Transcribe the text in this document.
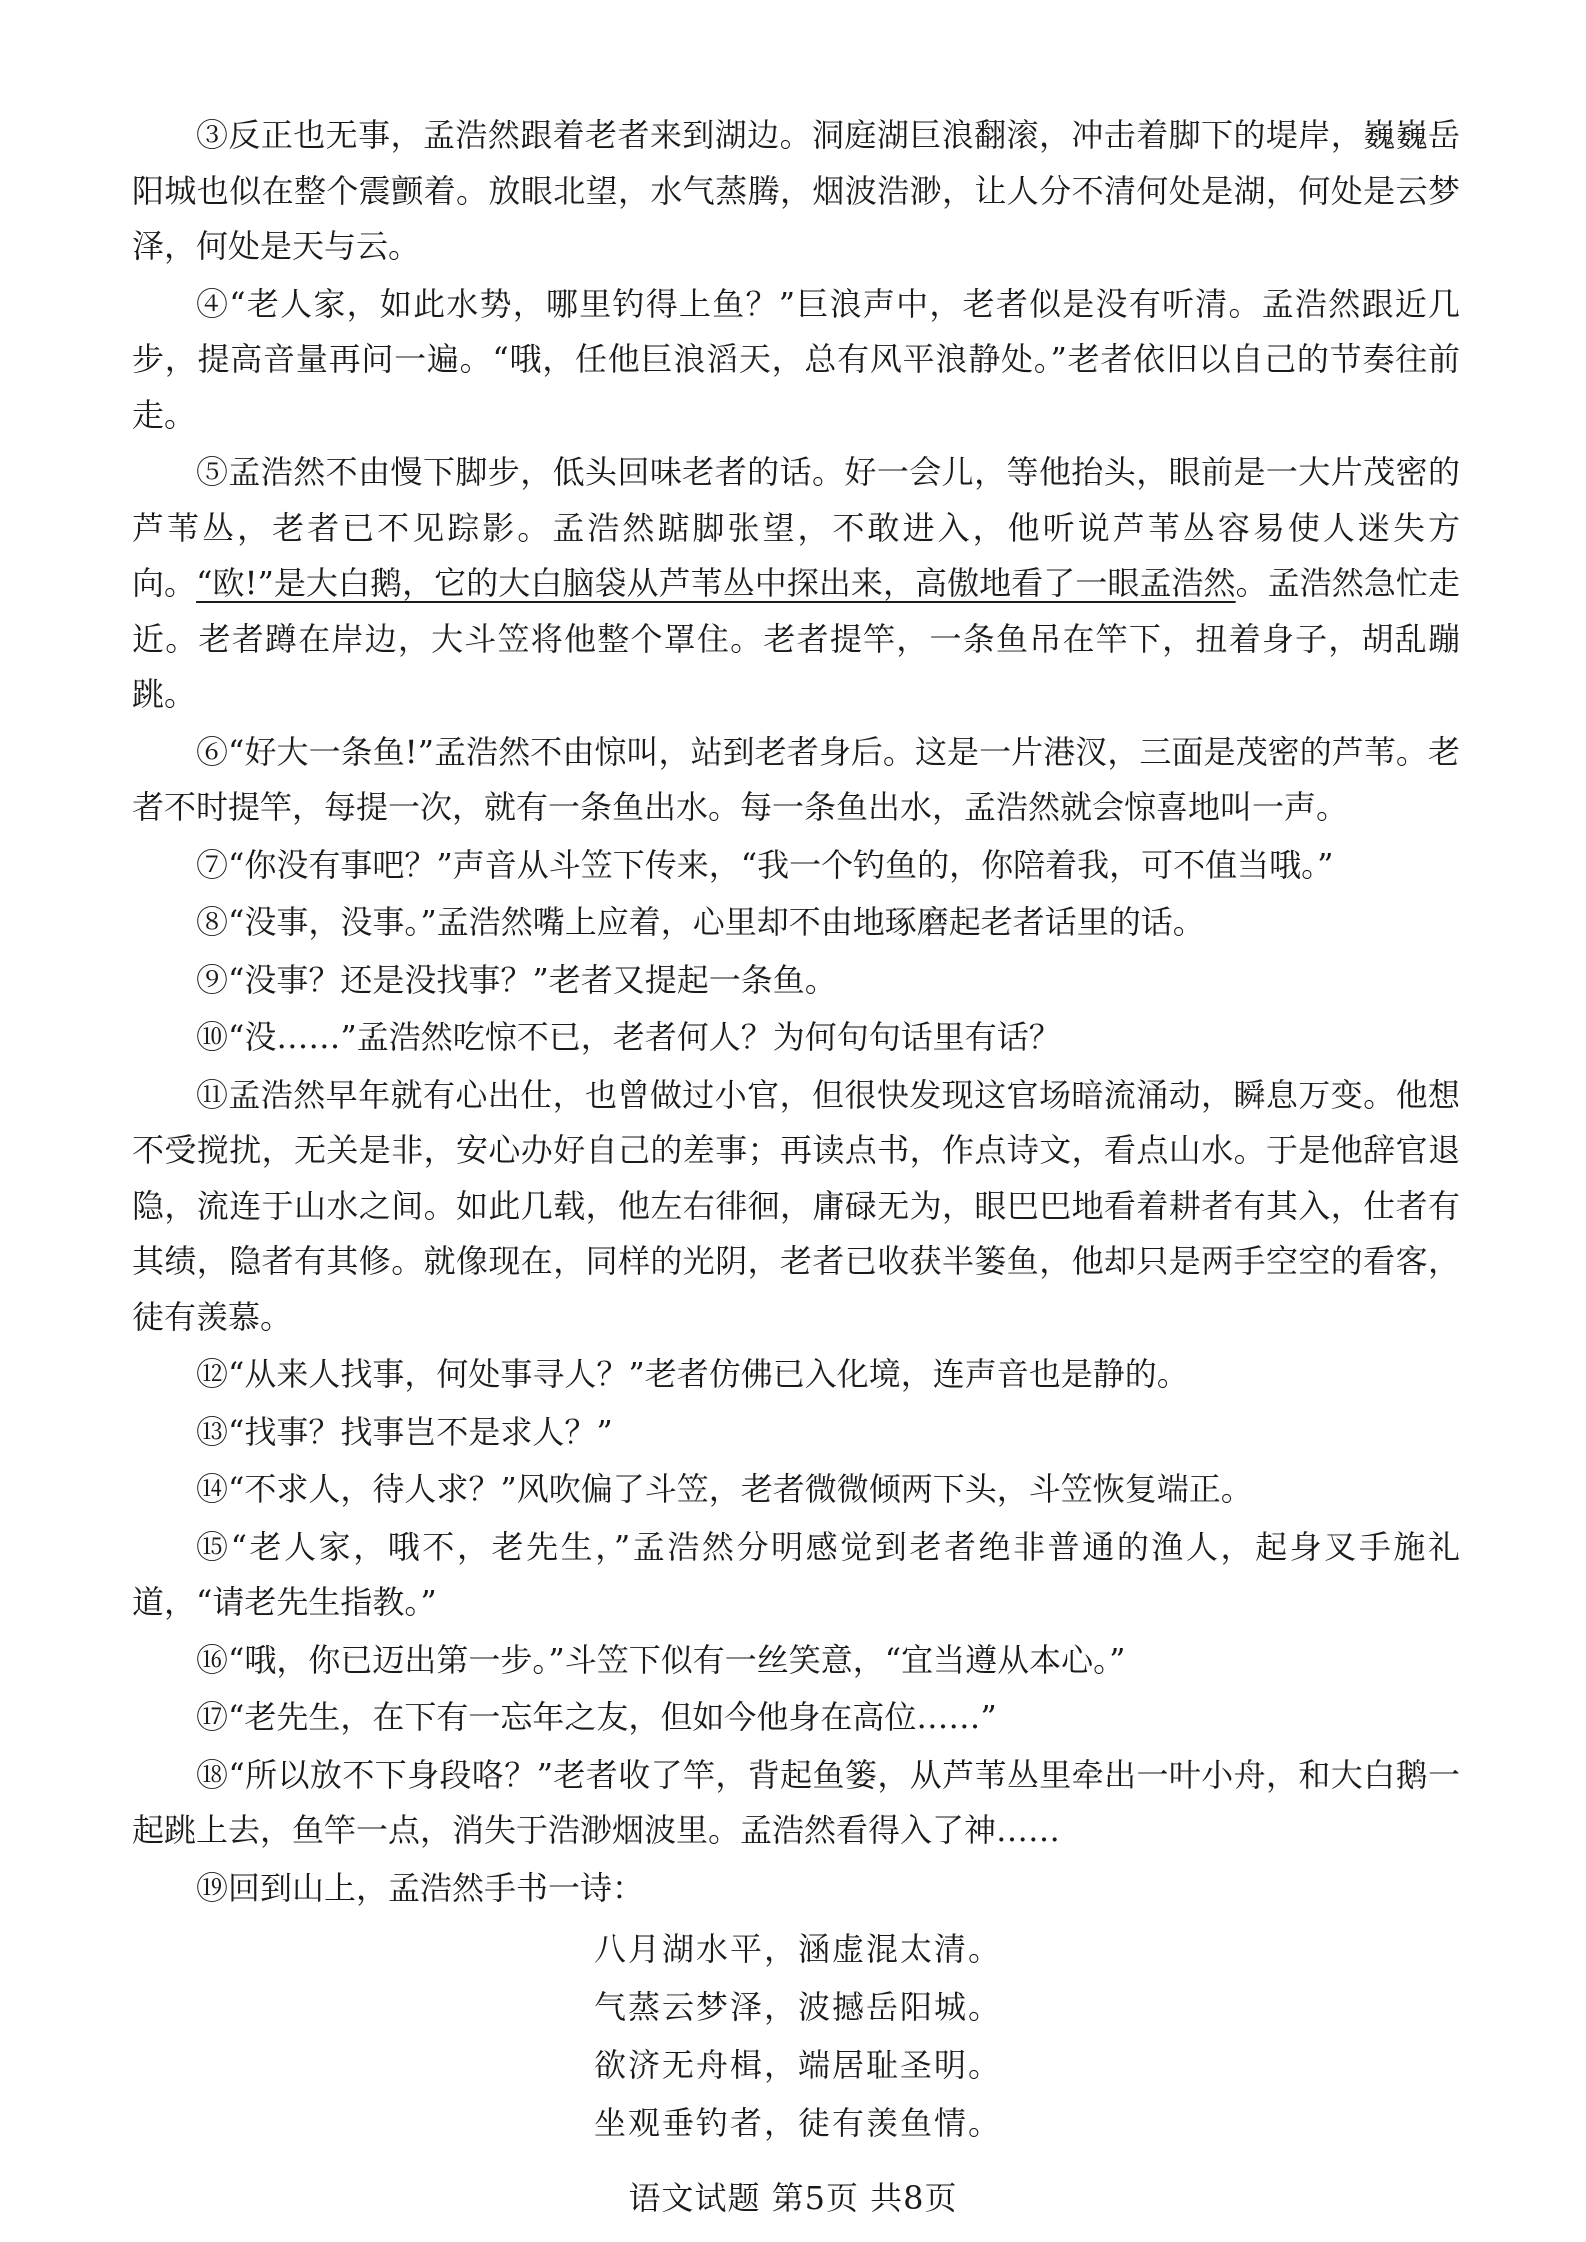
③反正也无事，孟浩然跟着老者来到湖边。洞庭湖巨浪翻滚，冲击着脚下的堤岸，巍巍岳阳城也似在整个震颤着。放眼北望，水气蒸腾，烟波浩渺，让人分不清何处是湖，何处是云梦泽，何处是天与云。

④“老人家，如此水势，哪里钓得上鱼？”巨浪声中，老者似是没有听清。孟浩然跟近几步，提高音量再问一遍。“哦，任他巨浪滔天，总有风平浪静处。”老者依旧以自己的节奏往前走。

⑤孟浩然不由慢下脚步，低头回味老者的话。好一会儿，等他抬头，眼前是一大片茂密的芦苇丛，老者已不见踪影。孟浩然踮脚张望，不敢进入，他听说芦苇丛容易使人迷失方向。“欧!”是大白鹅，它的大白脑袋从芦苇丛中探出来，高傲地看了一眼孟浩然。孟浩然急忙走近。老者蹲在岸边，大斗笠将他整个罩住。老者提竿，一条鱼吊在竿下，扭着身子，胡乱蹦跳。

⑥“好大一条鱼!”孟浩然不由惊叫，站到老者身后。这是一片港汊，三面是茂密的芦苇。老者不时提竿，每提一次，就有一条鱼出水。每一条鱼出水，孟浩然就会惊喜地叫一声。

⑦“你没有事吧？”声音从斗笠下传来，“我一个钓鱼的，你陪着我，可不值当哦。”

⑧“没事，没事。”孟浩然嘴上应着，心里却不由地琢磨起老者话里的话。

⑨“没事？还是没找事？”老者又提起一条鱼。

⑩“没……”孟浩然吃惊不已，老者何人？为何句句话里有话？

⑪孟浩然早年就有心出仕，也曾做过小官，但很快发现这官场暗流涌动，瞬息万变。他想不受搅扰，无关是非，安心办好自己的差事；再读点书，作点诗文，看点山水。于是他辞官退隐，流连于山水之间。如此几载，他左右徘徊，庸碌无为，眼巴巴地看着耕者有其入，仕者有其绩，隐者有其修。就像现在，同样的光阴，老者已收获半篓鱼，他却只是两手空空的看客，徒有羡慕。

⑫“从来人找事，何处事寻人？”老者仿佛已入化境，连声音也是静的。

⑬“找事？找事岂不是求人？”

⑭“不求人，待人求？”风吹偏了斗笠，老者微微倾两下头，斗笠恢复端正。

⑮“老人家，哦不，老先生，”孟浩然分明感觉到老者绝非普通的渔人，起身叉手施礼道，“请老先生指教。”

⑯“哦，你已迈出第一步。”斗笠下似有一丝笑意，“宜当遵从本心。”

⑰“老先生，在下有一忘年之友，但如今他身在高位……”

⑱“所以放不下身段咯？”老者收了竿，背起鱼篓，从芦苇丛里牵出一叶小舟，和大白鹅一起跳上去，鱼竿一点，消失于浩渺烟波里。孟浩然看得入了神……

⑲回到山上，孟浩然手书一诗：

八月湖水平，涵虚混太清。
气蒸云梦泽，波撼岳阳城。
欲济无舟楫，端居耻圣明。
坐观垂钓者，徒有羡鱼情。
语文试题 第5页 共8页
